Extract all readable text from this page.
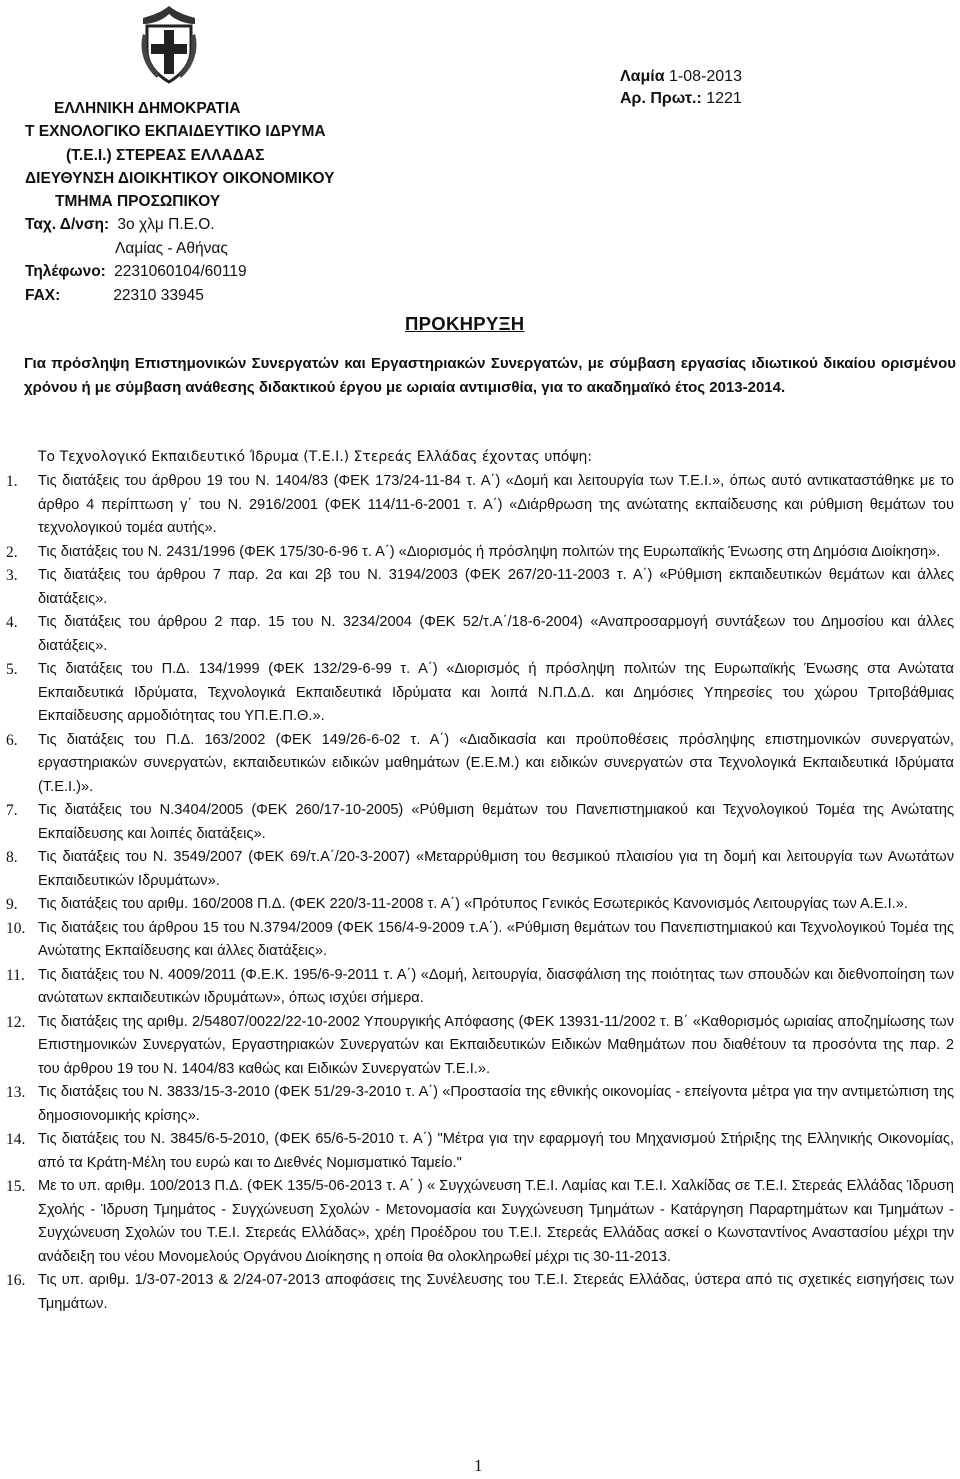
ΕΛΛΗΝΙΚΗ ΔΗΜΟΚΡΑΤΙΑ
Τ ΕΧΝΟΛΟΓΙΚΟ ΕΚΠΑΙΔΕΥΤΙΚΟ ΙΔΡΥΜΑ
(Τ.Ε.Ι.) ΣΤΕΡΕΑΣ ΕΛΛΑΔΑΣ
ΔΙΕΥΘΥΝΣΗ ΔΙΟΙΚΗΤΙΚΟΥ ΟΙΚΟΝΟΜΙΚΟΥ
ΤΜΗΜΑ ΠΡΟΣΩΠΙΚΟΥ
Ταχ. Δ/νση: 3ο χλμ Π.Ε.Ο.
Λαμίας - Αθήνας
Τηλέφωνο: 2231060104/60119
FAX:	22310 33945
Λαμία 1-08-2013
Αρ. Πρωτ.: 1221
ΠΡΟΚΗΡΥΞΗ
Για πρόσληψη Επιστημονικών Συνεργατών και Εργαστηριακών Συνεργατών, με σύμβαση εργασίας ιδιωτικού δικαίου ορισμένου χρόνου ή με σύμβαση ανάθεσης διδακτικού έργου με ωριαία αντιμισθία, για το ακαδημαϊκό έτος 2013-2014.
Το Τεχνολογικό Εκπαιδευτικό Ίδρυμα (Τ.Ε.Ι.) Στερεάς Ελλάδας έχοντας υπόψη:
1.	Τις διατάξεις του άρθρου 19 του Ν. 1404/83 (ΦΕΚ 173/24-11-84 τ. Α΄) «Δομή και λειτουργία των Τ.Ε.Ι.», όπως αυτό αντικαταστάθηκε με το άρθρο 4 περίπτωση γ΄ του Ν. 2916/2001 (ΦΕΚ 114/11-6-2001 τ. Α΄) «Διάρθρωση της ανώτατης εκπαίδευσης και ρύθμιση θεμάτων του τεχνολογικού τομέα αυτής».
2.	Τις διατάξεις του Ν. 2431/1996 (ΦΕΚ 175/30-6-96 τ. Α΄) «Διορισμός ή πρόσληψη πολιτών της Ευρωπαϊκής Ένωσης στη Δημόσια Διοίκηση».
3.	Τις διατάξεις του άρθρου 7 παρ. 2α και 2β του Ν. 3194/2003 (ΦΕΚ 267/20-11-2003 τ. Α΄) «Ρύθμιση εκπαιδευτικών θεμάτων και άλλες διατάξεις».
4.	Τις διατάξεις του άρθρου 2 παρ. 15 του Ν. 3234/2004 (ΦΕΚ 52/τ.Α΄/18-6-2004) «Αναπροσαρμογή συντάξεων του Δημοσίου και άλλες διατάξεις».
5.	Τις διατάξεις του Π.Δ. 134/1999 (ΦΕΚ 132/29-6-99 τ. Α΄) «Διορισμός ή πρόσληψη πολιτών της Ευρωπαϊκής Ένωσης στα Ανώτατα Εκπαιδευτικά Ιδρύματα, Τεχνολογικά Εκπαιδευτικά Ιδρύματα και λοιπά Ν.Π.Δ.Δ. και Δημόσιες Υπηρεσίες του χώρου Τριτοβάθμιας Εκπαίδευσης αρμοδιότητας του ΥΠ.Ε.Π.Θ.».
6.	Τις διατάξεις του Π.Δ. 163/2002 (ΦΕΚ 149/26-6-02 τ. Α΄) «Διαδικασία και προϋποθέσεις πρόσληψης επιστημονικών συνεργατών, εργαστηριακών συνεργατών, εκπαιδευτικών ειδικών μαθημάτων (Ε.Ε.Μ.) και ειδικών συνεργατών στα Τεχνολογικά Εκπαιδευτικά Ιδρύματα (Τ.Ε.Ι.)».
7.	Τις διατάξεις του Ν.3404/2005 (ΦΕΚ 260/17-10-2005) «Ρύθμιση θεμάτων του Πανεπιστημιακού και Τεχνολογικού Τομέα της Ανώτατης Εκπαίδευσης και λοιπές διατάξεις».
8.	Τις διατάξεις του Ν. 3549/2007 (ΦΕΚ 69/τ.Α΄/20-3-2007) «Μεταρρύθμιση του θεσμικού πλαισίου για τη δομή και λειτουργία των Ανωτάτων Εκπαιδευτικών Ιδρυμάτων».
9.	Τις διατάξεις του αριθμ. 160/2008 Π.Δ. (ΦΕΚ 220/3-11-2008 τ. Α΄) «Πρότυπος Γενικός Εσωτερικός Κανονισμός Λειτουργίας των Α.Ε.Ι.».
10. Τις διατάξεις του άρθρου 15 του Ν.3794/2009 (ΦΕΚ 156/4-9-2009 τ.Α΄). «Ρύθμιση θεμάτων του Πανεπιστημιακού και Τεχνολογικού Τομέα της Ανώτατης Εκπαίδευσης και άλλες διατάξεις».
11. Τις διατάξεις του Ν. 4009/2011 (Φ.Ε.Κ. 195/6-9-2011 τ. Α΄) «Δομή, λειτουργία, διασφάλιση της ποιότητας των σπουδών και διεθνοποίηση των ανώτατων εκπαιδευτικών ιδρυμάτων», όπως ισχύει σήμερα.
12. Τις διατάξεις της αριθμ. 2/54807/0022/22-10-2002 Υπουργικής Απόφασης (ΦΕΚ 13931-11/2002 τ. Β΄ «Καθορισμός ωριαίας αποζημίωσης των Επιστημονικών Συνεργατών, Εργαστηριακών Συνεργατών και Εκπαιδευτικών Ειδικών Μαθημάτων που διαθέτουν τα προσόντα της παρ. 2 του άρθρου 19 του Ν. 1404/83 καθώς και Ειδικών Συνεργατών Τ.Ε.Ι.».
13. Τις διατάξεις του Ν. 3833/15-3-2010 (ΦΕΚ 51/29-3-2010 τ. Α΄) «Προστασία της εθνικής οικονομίας - επείγοντα μέτρα για την αντιμετώπιση της δημοσιονομικής κρίσης».
14. Τις διατάξεις του Ν. 3845/6-5-2010, (ΦΕΚ 65/6-5-2010 τ. Α΄) "Μέτρα για την εφαρμογή του Μηχανισμού Στήριξης της Ελληνικής Οικονομίας, από τα Κράτη-Μέλη του ευρώ και το Διεθνές Νομισματικό Ταμείο."
15. Με το υπ. αριθμ. 100/2013 Π.Δ. (ΦΕΚ 135/5-06-2013 τ. Α΄ ) « Συγχώνευση Τ.Ε.Ι. Λαμίας και Τ.Ε.Ι. Χαλκίδας σε Τ.Ε.Ι. Στερεάς Ελλάδας Ίδρυση Σχολής - Ίδρυση Τμημάτος - Συγχώνευση Σχολών - Μετονομασία και Συγχώνευση Τμημάτων - Κατάργηση Παραρτημάτων και Τμημάτων - Συγχώνευση Σχολών του Τ.Ε.Ι. Στερεάς Ελλάδας», χρέη Προέδρου του Τ.Ε.Ι. Στερεάς Ελλάδας ασκεί ο Κωνσταντίνος Αναστασίου μέχρι την ανάδειξη του νέου Μονομελούς Οργάνου Διοίκησης η οποία θα ολοκληρωθεί μέχρι τις 30-11-2013.
16. Τις υπ. αριθμ. 1/3-07-2013 & 2/24-07-2013 αποφάσεις της Συνέλευσης του Τ.Ε.Ι. Στερεάς Ελλάδας, ύστερα από τις σχετικές εισηγήσεις των Τμημάτων.
1
